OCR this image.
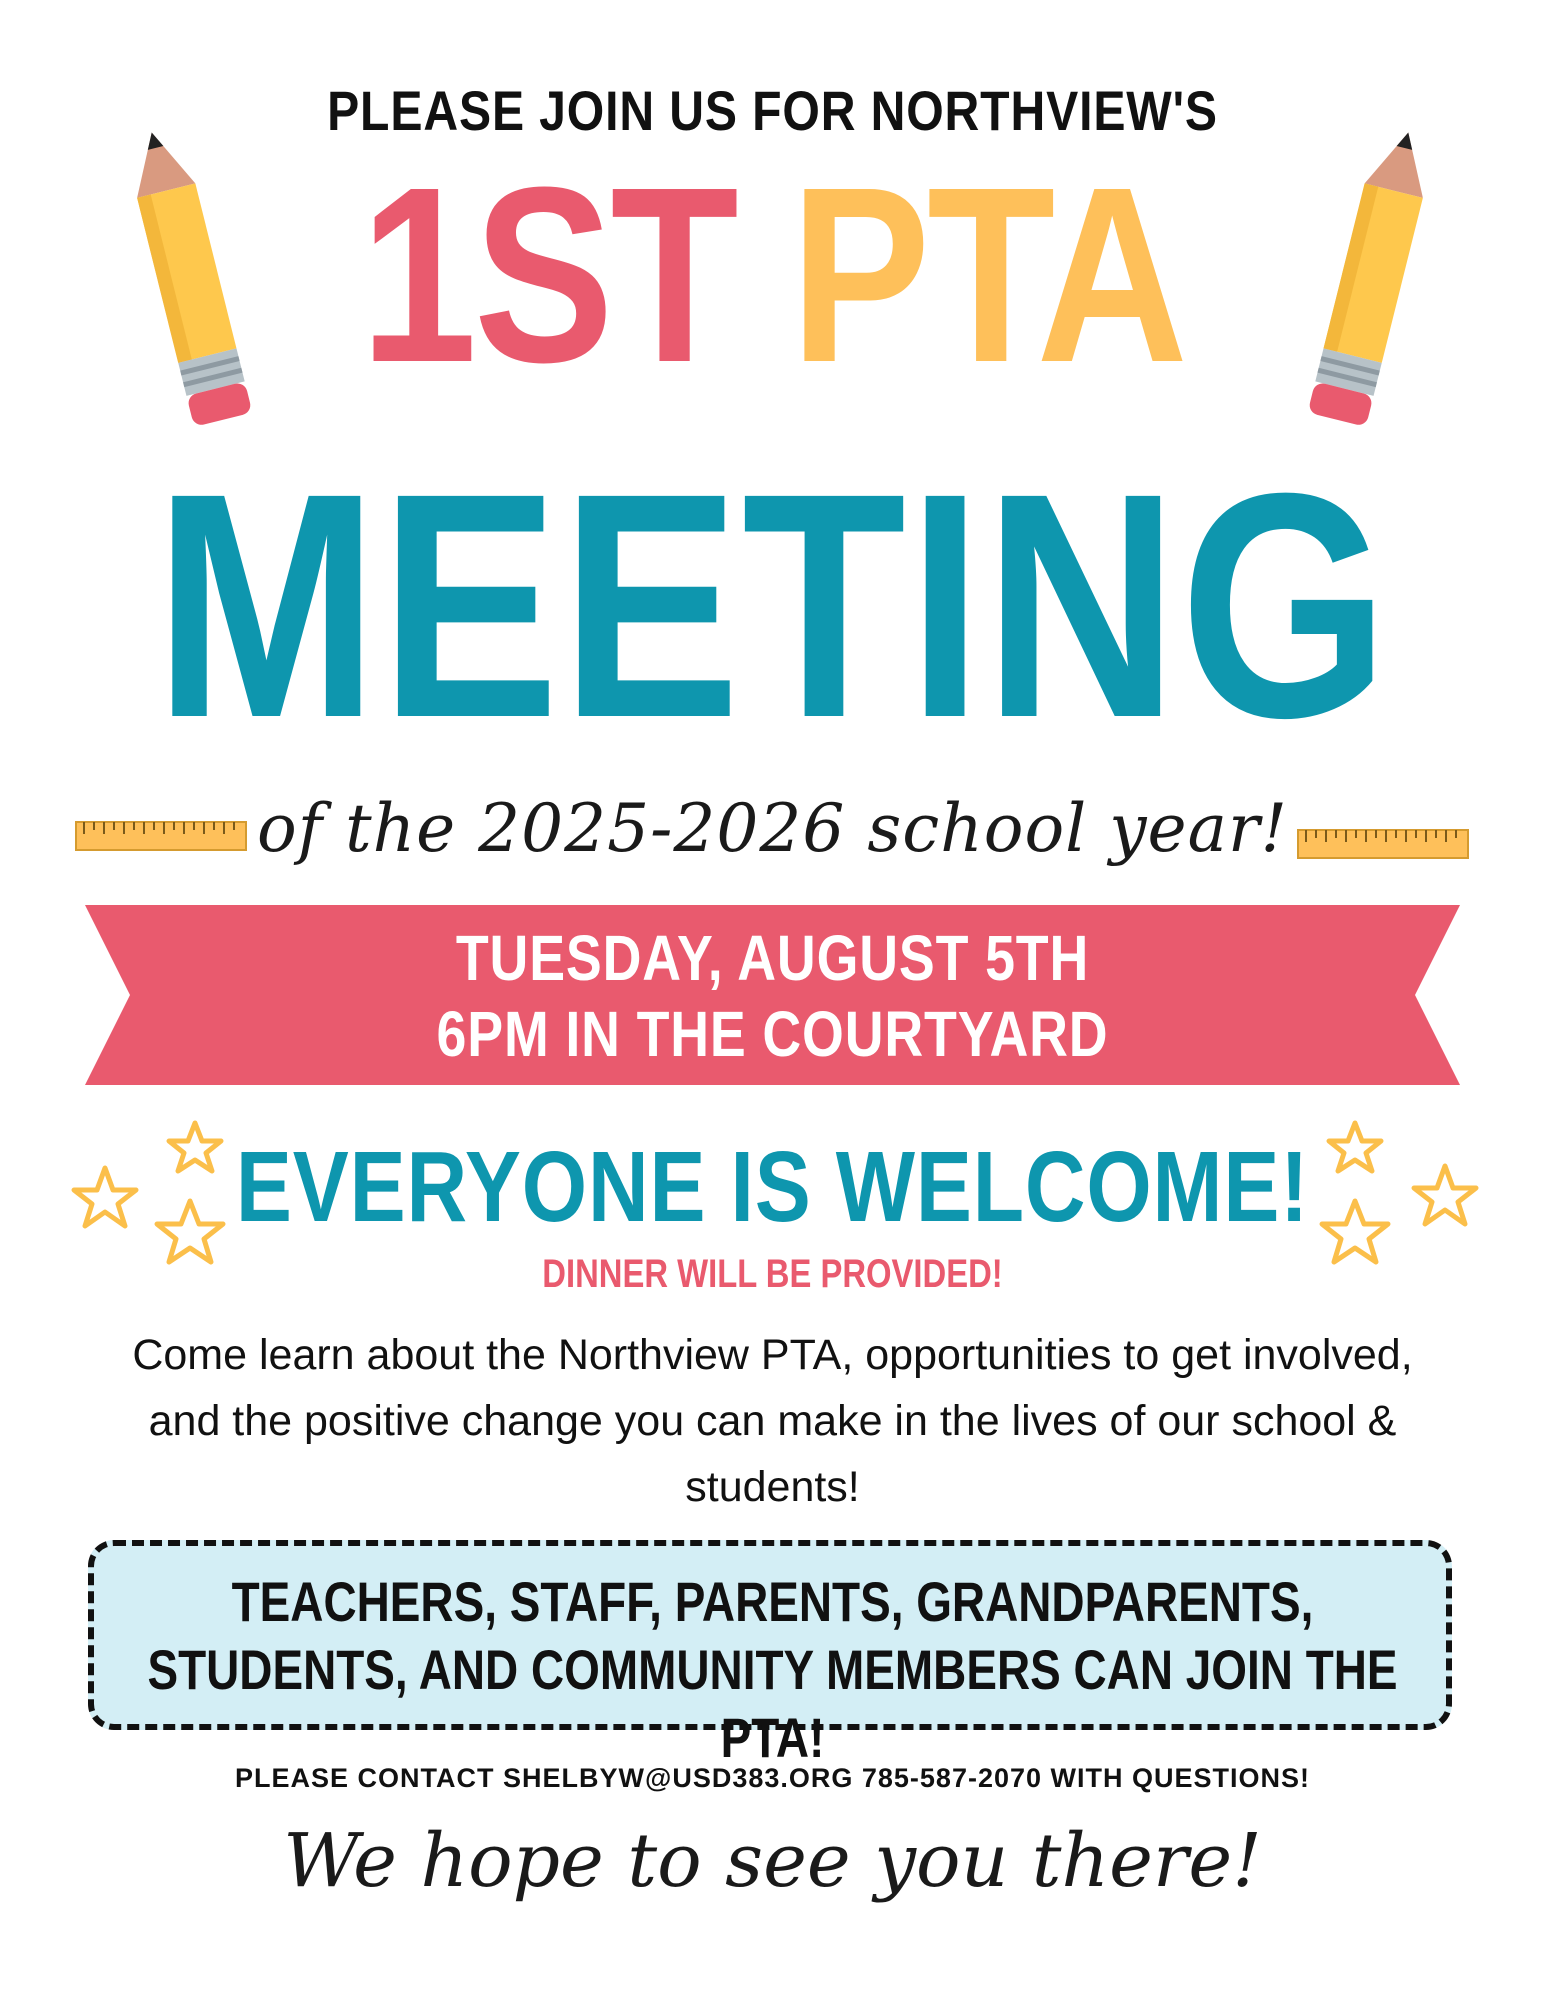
PLEASE JOIN US FOR NORTHVIEW'S
1ST PTA
MEETING
of the 2025-2026 school year!
TUESDAY, AUGUST 5TH
6PM IN THE COURTYARD
EVERYONE IS WELCOME!
DINNER WILL BE PROVIDED!
Come learn about the Northview PTA, opportunities to get involved, and the positive change you can make in the lives of our school & students!
TEACHERS, STAFF, PARENTS, GRANDPARENTS,
STUDENTS, AND COMMUNITY MEMBERS CAN JOIN THE PTA!
PLEASE CONTACT SHELBYW@USD383.ORG 785-587-2070 WITH QUESTIONS!
We hope to see you there!
